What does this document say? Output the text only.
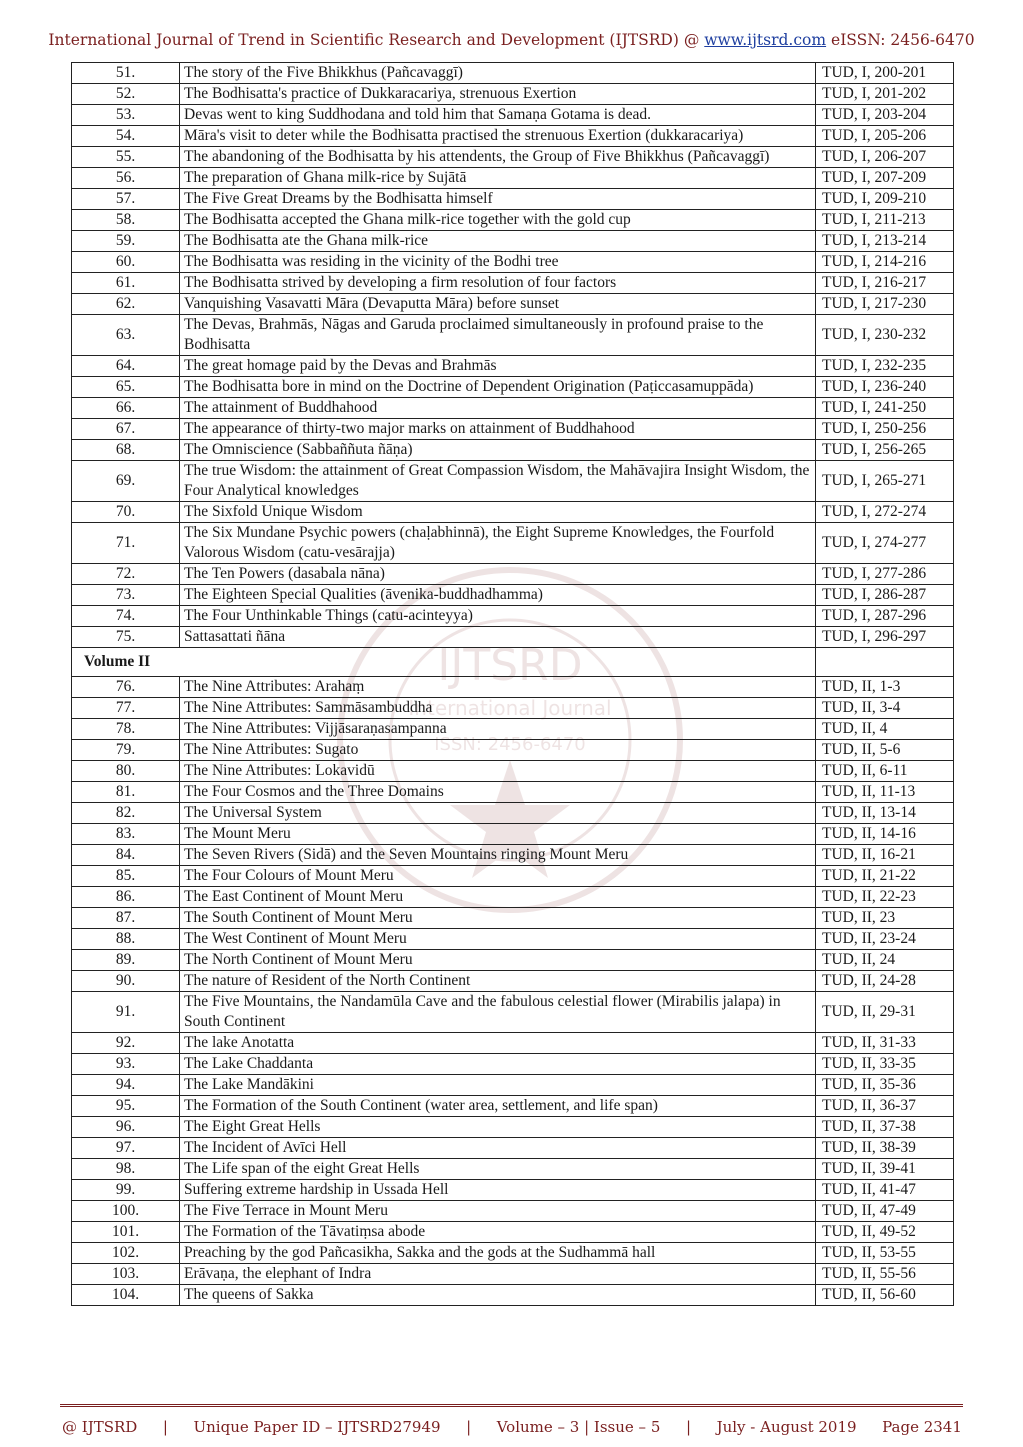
International Journal of Trend in Scientific Research and Development (IJTSRD) @ www.ijtsrd.com eISSN: 2456-6470
IJTSRD
International Journal
ISSN: 2456-6470
51.	The story of the Five Bhikkhus (Pañcavaggī)	TUD, I, 200-201
52.	The Bodhisatta's practice of Dukkaracariya, strenuous Exertion	TUD, I, 201-202
53.	Devas went to king Suddhodana and told him that Samaṇa Gotama is dead.	TUD, I, 203-204
54.	Māra's visit to deter while the Bodhisatta practised the strenuous Exertion (dukkaracariya)	TUD, I, 205-206
55.	The abandoning of the Bodhisatta by his attendents, the Group of Five Bhikkhus (Pañcavaggī)	TUD, I, 206-207
56.	The preparation of Ghana milk-rice by Sujātā	TUD, I, 207-209
57.	The Five Great Dreams by the Bodhisatta himself	TUD, I, 209-210
58.	The Bodhisatta accepted the Ghana milk-rice together with the gold cup	TUD, I, 211-213
59.	The Bodhisatta ate the Ghana milk-rice	TUD, I, 213-214
60.	The Bodhisatta was residing in the vicinity of the Bodhi tree	TUD, I, 214-216
61.	The Bodhisatta strived by developing a firm resolution of four factors	TUD, I, 216-217
62.	Vanquishing Vasavatti Māra (Devaputta Māra) before sunset	TUD, I, 217-230
63.	The Devas, Brahmās, Nāgas and Garuda proclaimed simultaneously in profound praise to the Bodhisatta	TUD, I, 230-232
64.	The great homage paid by the Devas and Brahmās	TUD, I, 232-235
65.	The Bodhisatta bore in mind on the Doctrine of Dependent Origination (Paṭiccasamuppāda)	TUD, I, 236-240
66.	The attainment of Buddhahood	TUD, I, 241-250
67.	The appearance of thirty-two major marks on attainment of Buddhahood	TUD, I, 250-256
68.	The Omniscience (Sabbaññuta ñāṇa)	TUD, I, 256-265
69.	The true Wisdom: the attainment of Great Compassion Wisdom, the Mahāvajira Insight Wisdom, the Four Analytical knowledges	TUD, I, 265-271
70.	The Sixfold Unique Wisdom	TUD, I, 272-274
71.	The Six Mundane Psychic powers (chaḷabhinnā), the Eight Supreme Knowledges, the Fourfold Valorous Wisdom (catu-vesārajja)	TUD, I, 274-277
72.	The Ten Powers (dasabala nāna)	TUD, I, 277-286
73.	The Eighteen Special Qualities (āvenika-buddhadhamma)	TUD, I, 286-287
74.	The Four Unthinkable Things (catu-acinteyya)	TUD, I, 287-296
75.	Sattasattati ñāna	TUD, I, 296-297
Volume II		
76.	The Nine Attributes: Arahaṃ	TUD, II, 1-3
77.	The Nine Attributes: Sammāsambuddha	TUD, II, 3-4
78.	The Nine Attributes: Vijjāsaraṇasampanna	TUD, II, 4
79.	The Nine Attributes: Sugato	TUD, II, 5-6
80.	The Nine Attributes: Lokavidū	TUD, II, 6-11
81.	The Four Cosmos and the Three Domains	TUD, II, 11-13
82.	The Universal System	TUD, II, 13-14
83.	The Mount Meru	TUD, II, 14-16
84.	The Seven Rivers (Sidā) and the Seven Mountains ringing Mount Meru	TUD, II, 16-21
85.	The Four Colours of Mount Meru	TUD, II, 21-22
86.	The East Continent of Mount Meru	TUD, II, 22-23
87.	The South Continent of Mount Meru	TUD, II, 23
88.	The West Continent of Mount Meru	TUD, II, 23-24
89.	The North Continent of Mount Meru	TUD, II, 24
90.	The nature of Resident of the North Continent	TUD, II, 24-28
91.	The Five Mountains, the Nandamūla Cave and the fabulous celestial flower (Mirabilis jalapa) in South Continent	TUD, II, 29-31
92.	The lake Anotatta	TUD, II, 31-33
93.	The Lake Chaddanta	TUD, II, 33-35
94.	The Lake Mandākini	TUD, II, 35-36
95.	The Formation of the South Continent (water area, settlement, and life span)	TUD, II, 36-37
96.	The Eight Great Hells	TUD, II, 37-38
97.	The Incident of Avīci Hell	TUD, II, 38-39
98.	The Life span of the eight Great Hells	TUD, II, 39-41
99.	Suffering extreme hardship in Ussada Hell	TUD, II, 41-47
100.	The Five Terrace in Mount Meru	TUD, II, 47-49
101.	The Formation of the Tāvatiṃsa abode	TUD, II, 49-52
102.	Preaching by the god Pañcasikha, Sakka and the gods at the Sudhammā hall	TUD, II, 53-55
103.	Erāvaṇa, the elephant of Indra	TUD, II, 55-56
104.	The queens of Sakka	TUD, II, 56-60
@ IJTSRD | Unique Paper ID – IJTSRD27949 | Volume – 3 | Issue – 5 | July - August 2019 Page 2341
